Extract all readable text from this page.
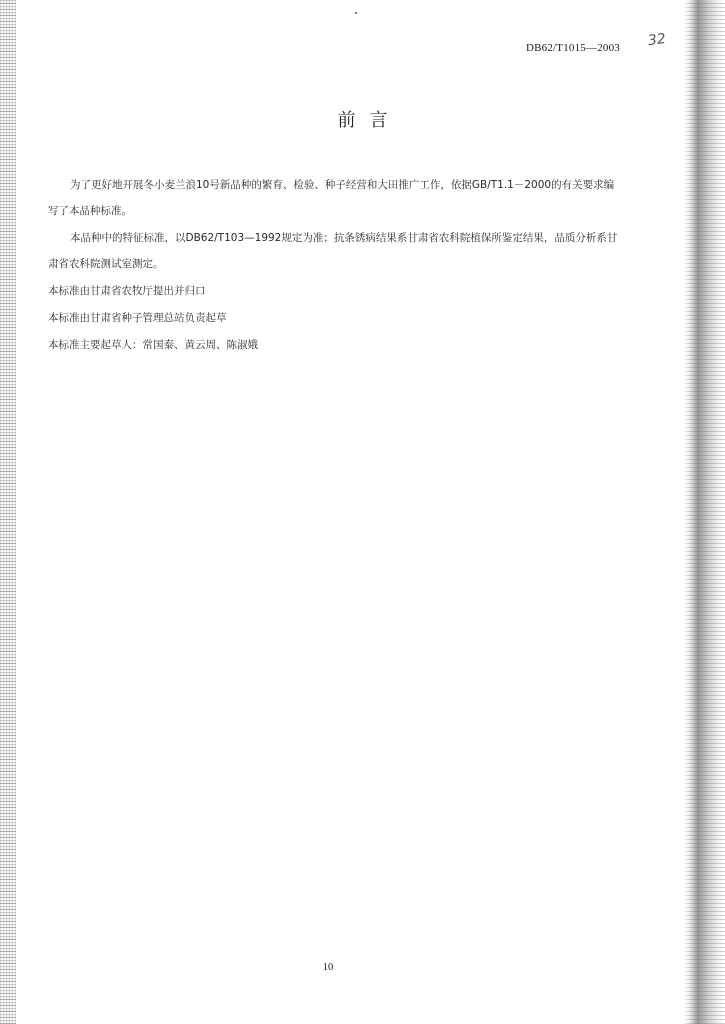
DB62/T1015—2003 32
前言
为了更好地开展冬小麦兰浪10号新品种的繁育、检验、种子经营和大田推广工作，依据GB/T1.1－2000的有关要求编写了本品种标准。
本品种中的特征标准，以DB62/T103—1992规定为准；抗条锈病结果系甘肃省农科院植保所鉴定结果，品质分析系甘肃省农科院测试室测定。
本标准由甘肃省农牧厅提出并归口
本标准由甘肃省种子管理总站负责起草
本标准主要起草人：常国泰、黄云周、陈淑娥
10
